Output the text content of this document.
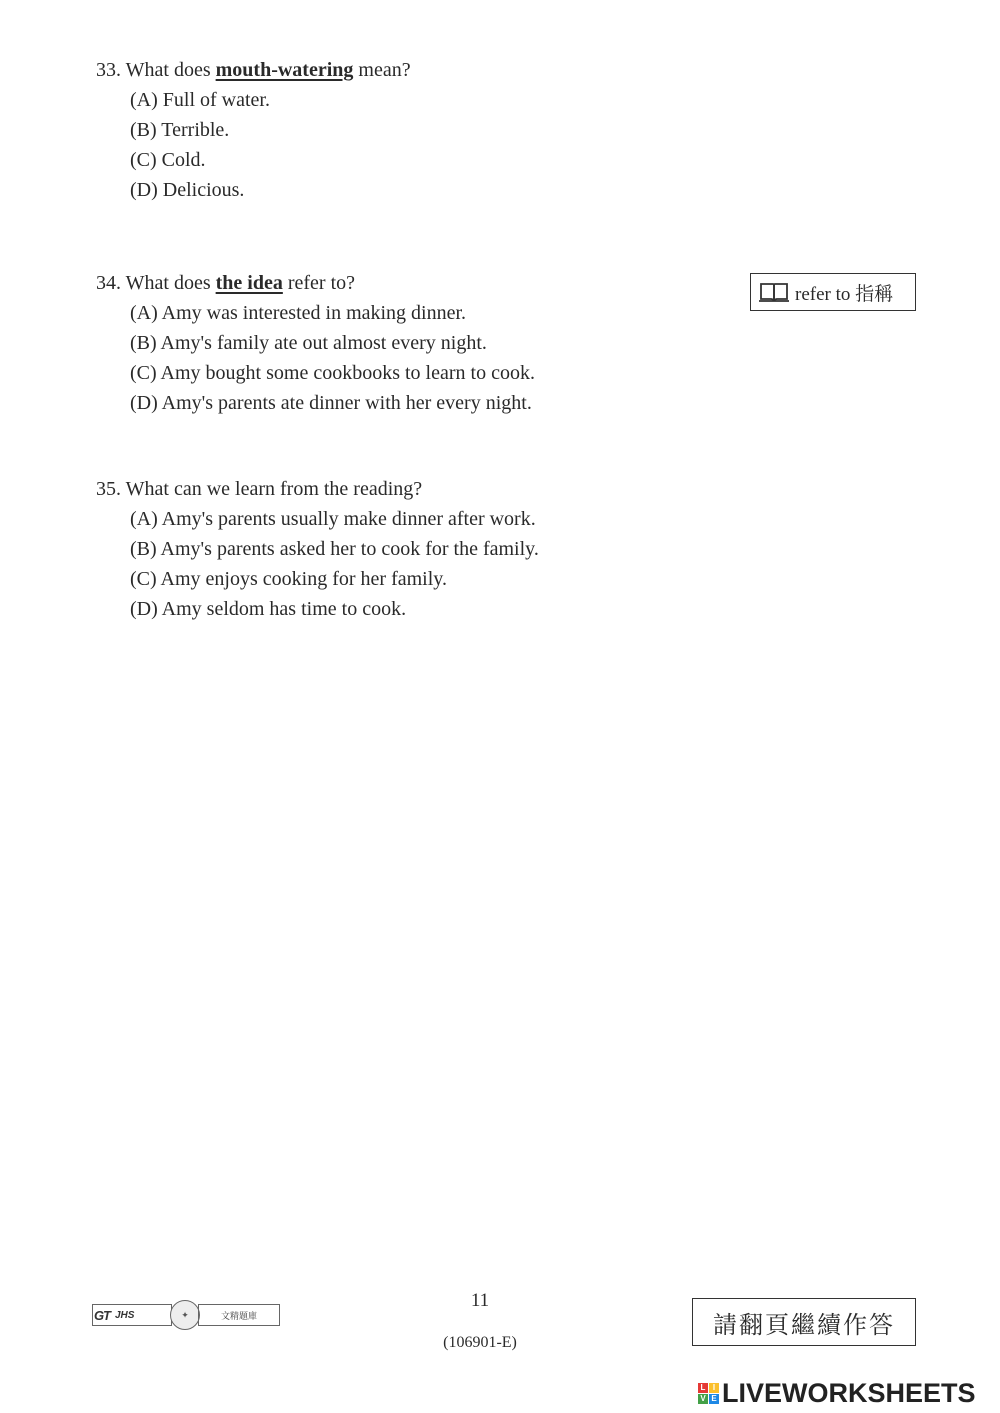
33. What does mouth-watering mean?

(A) Full of water.
(B) Terrible.
(C) Cold.
(D) Delicious.

34. What does the idea refer to?

(A) Amy was interested in making dinner.
(B) Amy's family ate out almost every night.
(C) Amy bought some cookbooks to learn to cook.
(D) Amy's parents ate dinner with her every night.
refer to 指稱

35. What can we learn from the reading?

(A) Amy's parents usually make dinner after work.
(B) Amy's parents asked her to cook for the family.
(C) Amy enjoys cooking for her family.
(D) Amy seldom has time to cook.
G
T JHS	✦	文精題庫
11
(106901-E)
請翻頁繼續作答
L I
V E LIVEWORKSHEETS
